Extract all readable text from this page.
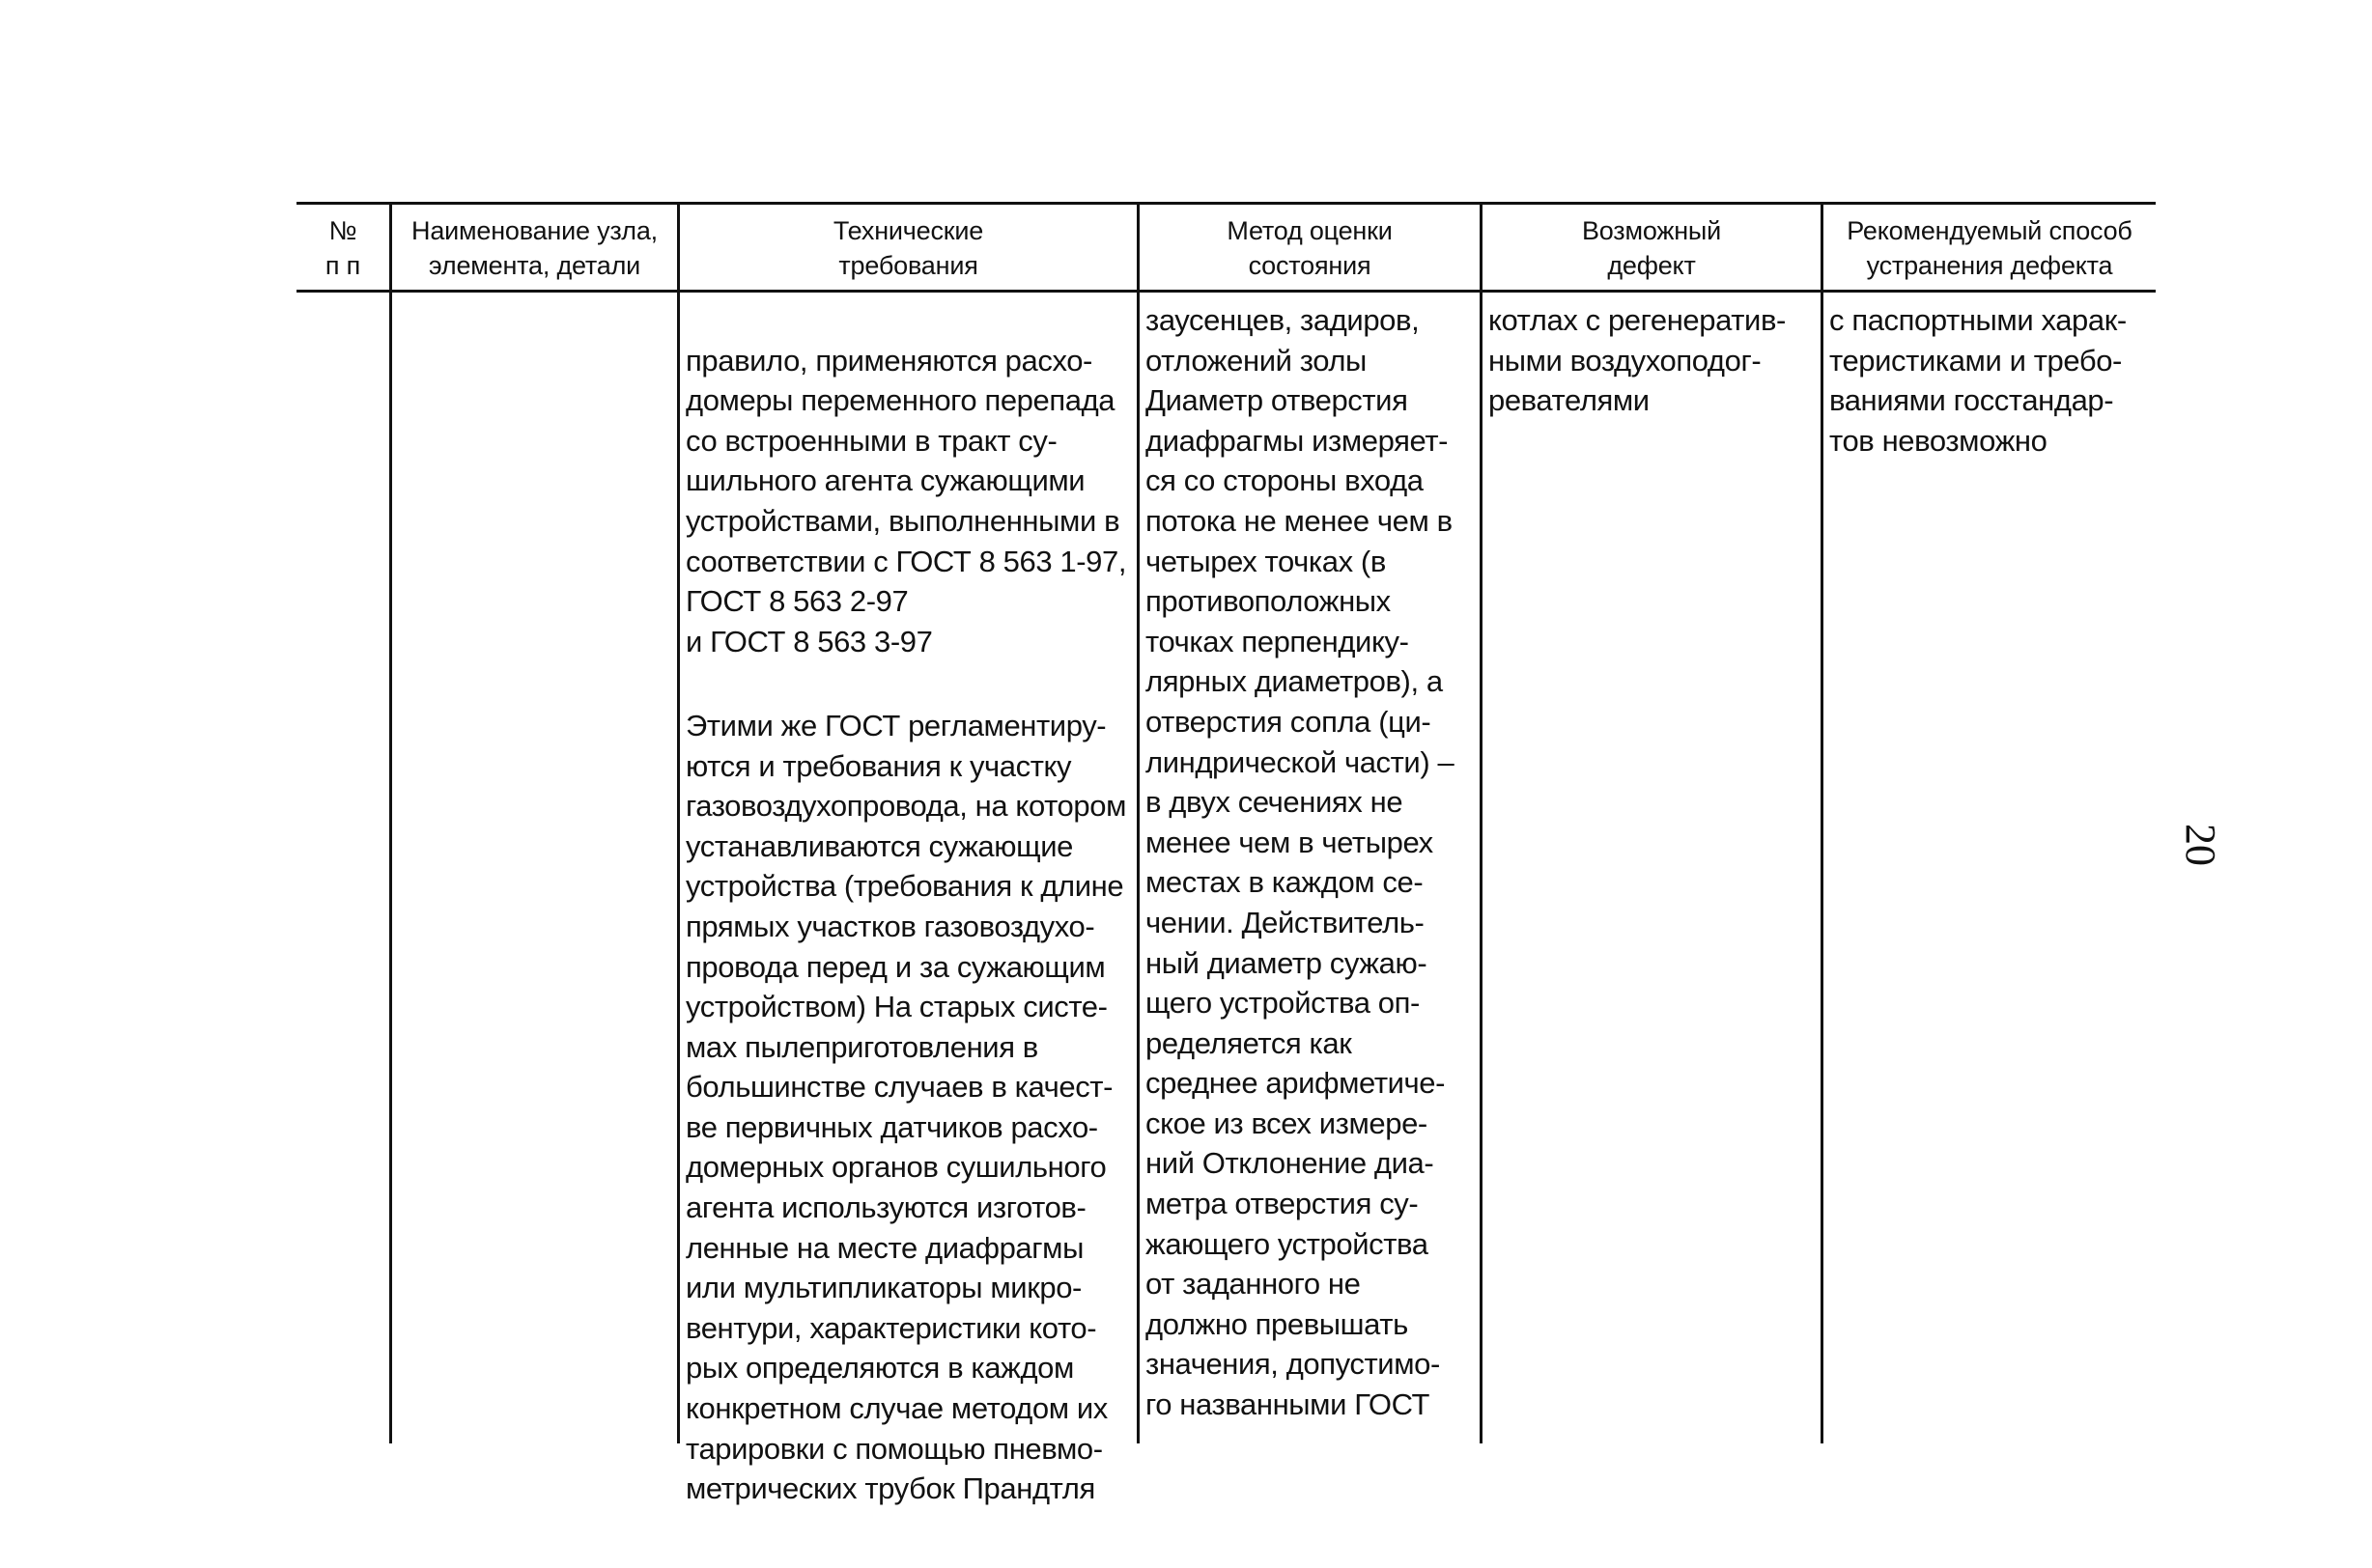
№
п п
Наименование узла,
элемента, детали
Технические
требования
Метод оценки
состояния
Возможный
дефект
Рекомендуемый способ
устранения дефекта

правило, применяются расхо-
домеры переменного перепада
со встроенными в тракт су-
шильного агента сужающими
устройствами, выполненными в
соответствии с ГОСТ 8 563 1-97,
ГОСТ 8 563 2-97
и ГОСТ 8 563 3-97

Этими же ГОСТ регламентиру-
ются и требования к участку
газовоздухопровода, на котором
устанавливаются сужающие
устройства (требования к длине
прямых участков газовоздухо-
провода перед и за сужающим
устройством) На старых систе-
мах пылеприготовления в
большинстве случаев в качест-
ве первичных датчиков расхо-
домерных органов сушильного
агента используются изготов-
ленные на месте диафрагмы
или мультипликаторы микро-
вентури, характеристики кото-
рых определяются в каждом
конкретном случае методом их
тарировки с помощью пневмо-
метрических трубок Прандтля

заусенцев, задиров,
отложений золы
Диаметр отверстия
диафрагмы измеряет-
ся со стороны входа
потока не менее чем в
четырех точках (в
противоположных
точках перпендику-
лярных диаметров), а
отверстия сопла (ци-
линдрической части) –
в двух сечениях не
менее чем в четырех
местах в каждом се-
чении. Действитель-
ный диаметр сужаю-
щего устройства оп-
ределяется как
среднее арифметиче-
ское из всех измере-
ний Отклонение диа-
метра отверстия су-
жающего устройства
от заданного не
должно превышать
значения, допустимо-
го названными ГОСТ
котлах с регенератив-
ными воздухоподог-
ревателями
с паспортными харак-
теристиками и требо-
ваниями госстандар-
тов невозможно
20
